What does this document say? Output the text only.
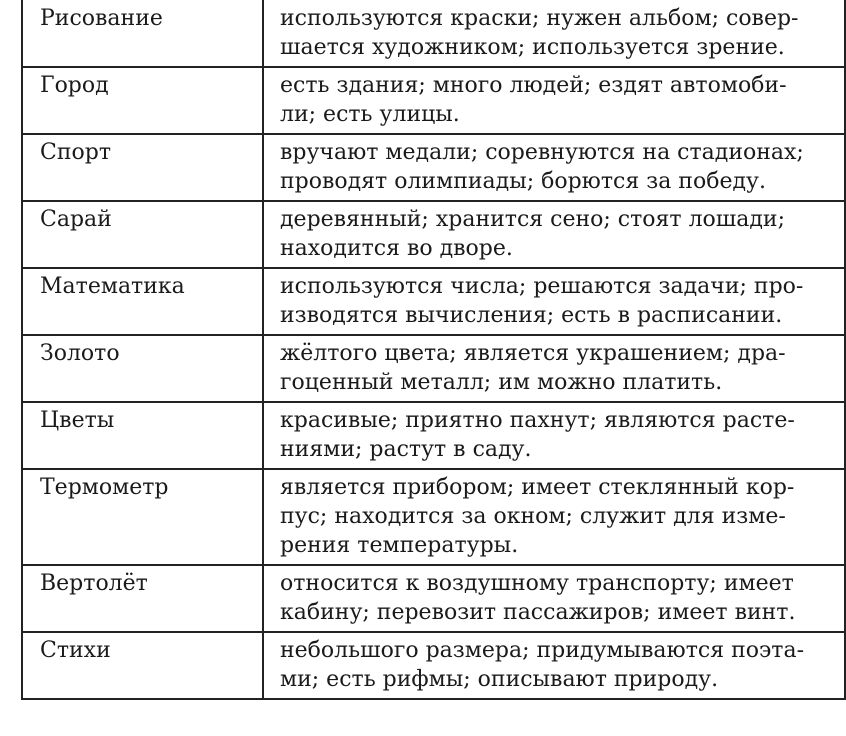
Рисование	используются краски; нужен альбом; совер-
шается художником; используется зрение.

Город	есть здания; много людей; ездят автомоби-
ли; есть улицы.

Спорт	вручают медали; соревнуются на стадионах;
проводят олимпиады; борются за победу.

Сарай	деревянный; хранится сено; стоят лошади;
находится во дворе.

Математика	используются числа; решаются задачи; про-
изводятся вычисления; есть в расписании.

Золото	жёлтого цвета; является украшением; дра-
гоценный металл; им можно платить.

Цветы	красивые; приятно пахнут; являются расте-
ниями; растут в саду.

Термометр	является прибором; имеет стеклянный кор-
пус; находится за окном; служит для изме-
рения температуры.

Вертолёт	относится к воздушному транспорту; имеет
кабину; перевозит пассажиров; имеет винт.

Стихи	небольшого размера; придумываются поэта-
ми; есть рифмы; описывают природу.
